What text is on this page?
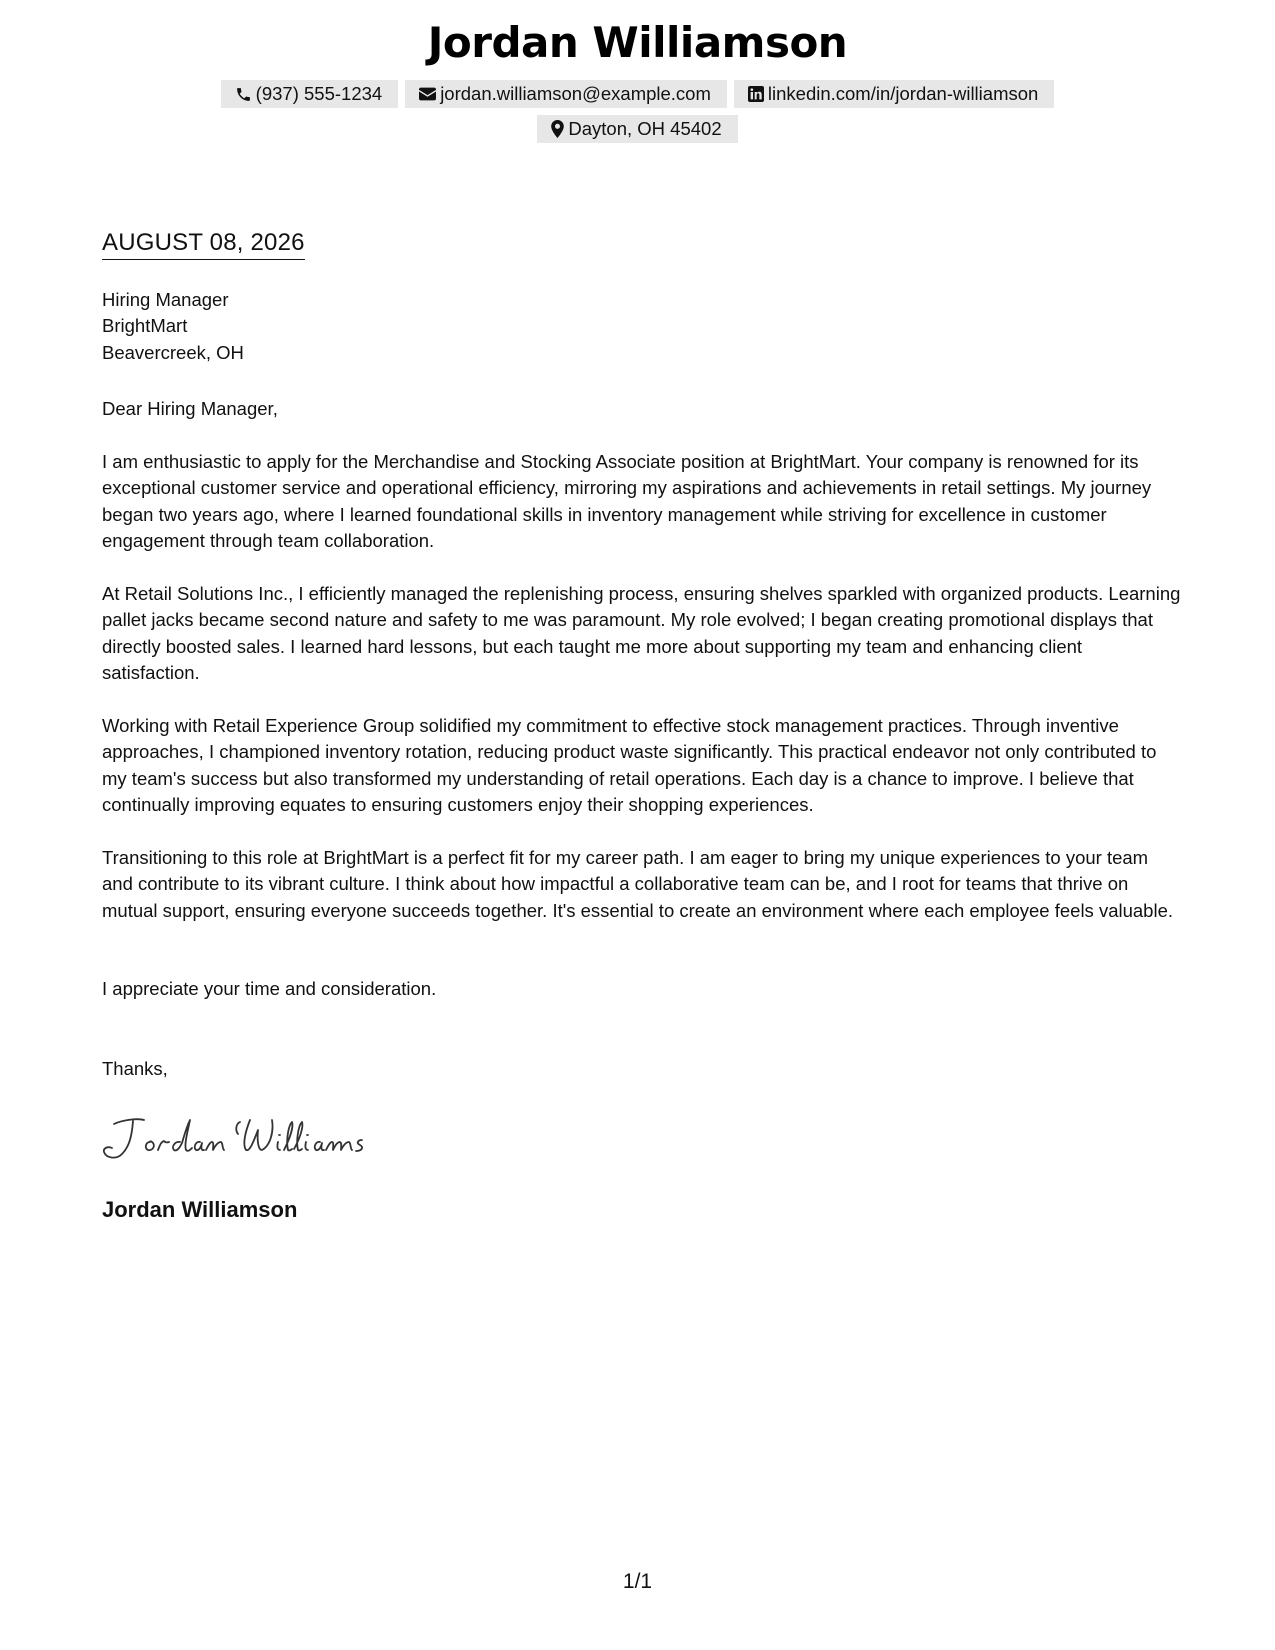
Jordan Williamson
(937) 555-1234	jordan.williamson@example.com	linkedin.com/in/jordan-williamson
Dayton, OH 45402
AUGUST 08, 2026
Hiring Manager
BrightMart
Beavercreek, OH

Dear Hiring Manager,

I am enthusiastic to apply for the Merchandise and Stocking Associate position at BrightMart. Your company is renowned for its exceptional customer service and operational efficiency, mirroring my aspirations and achievements in retail settings. My journey began two years ago, where I learned foundational skills in inventory management while striving for excellence in customer engagement through team collaboration.

At Retail Solutions Inc., I efficiently managed the replenishing process, ensuring shelves sparkled with organized products. Learning pallet jacks became second nature and safety to me was paramount. My role evolved; I began creating promotional displays that directly boosted sales. I learned hard lessons, but each taught me more about supporting my team and enhancing client satisfaction.

Working with Retail Experience Group solidified my commitment to effective stock management practices. Through inventive approaches, I championed inventory rotation, reducing product waste significantly. This practical endeavor not only contributed to my team's success but also transformed my understanding of retail operations. Each day is a chance to improve. I believe that continually improving equates to ensuring customers enjoy their shopping experiences.

Transitioning to this role at BrightMart is a perfect fit for my career path. I am eager to bring my unique experiences to your team and contribute to its vibrant culture. I think about how impactful a collaborative team can be, and I root for teams that thrive on mutual support, ensuring everyone succeeds together. It's essential to create an environment where each employee feels valuable.

I appreciate your time and consideration.

Thanks,

Jordan Williamson
1/1
